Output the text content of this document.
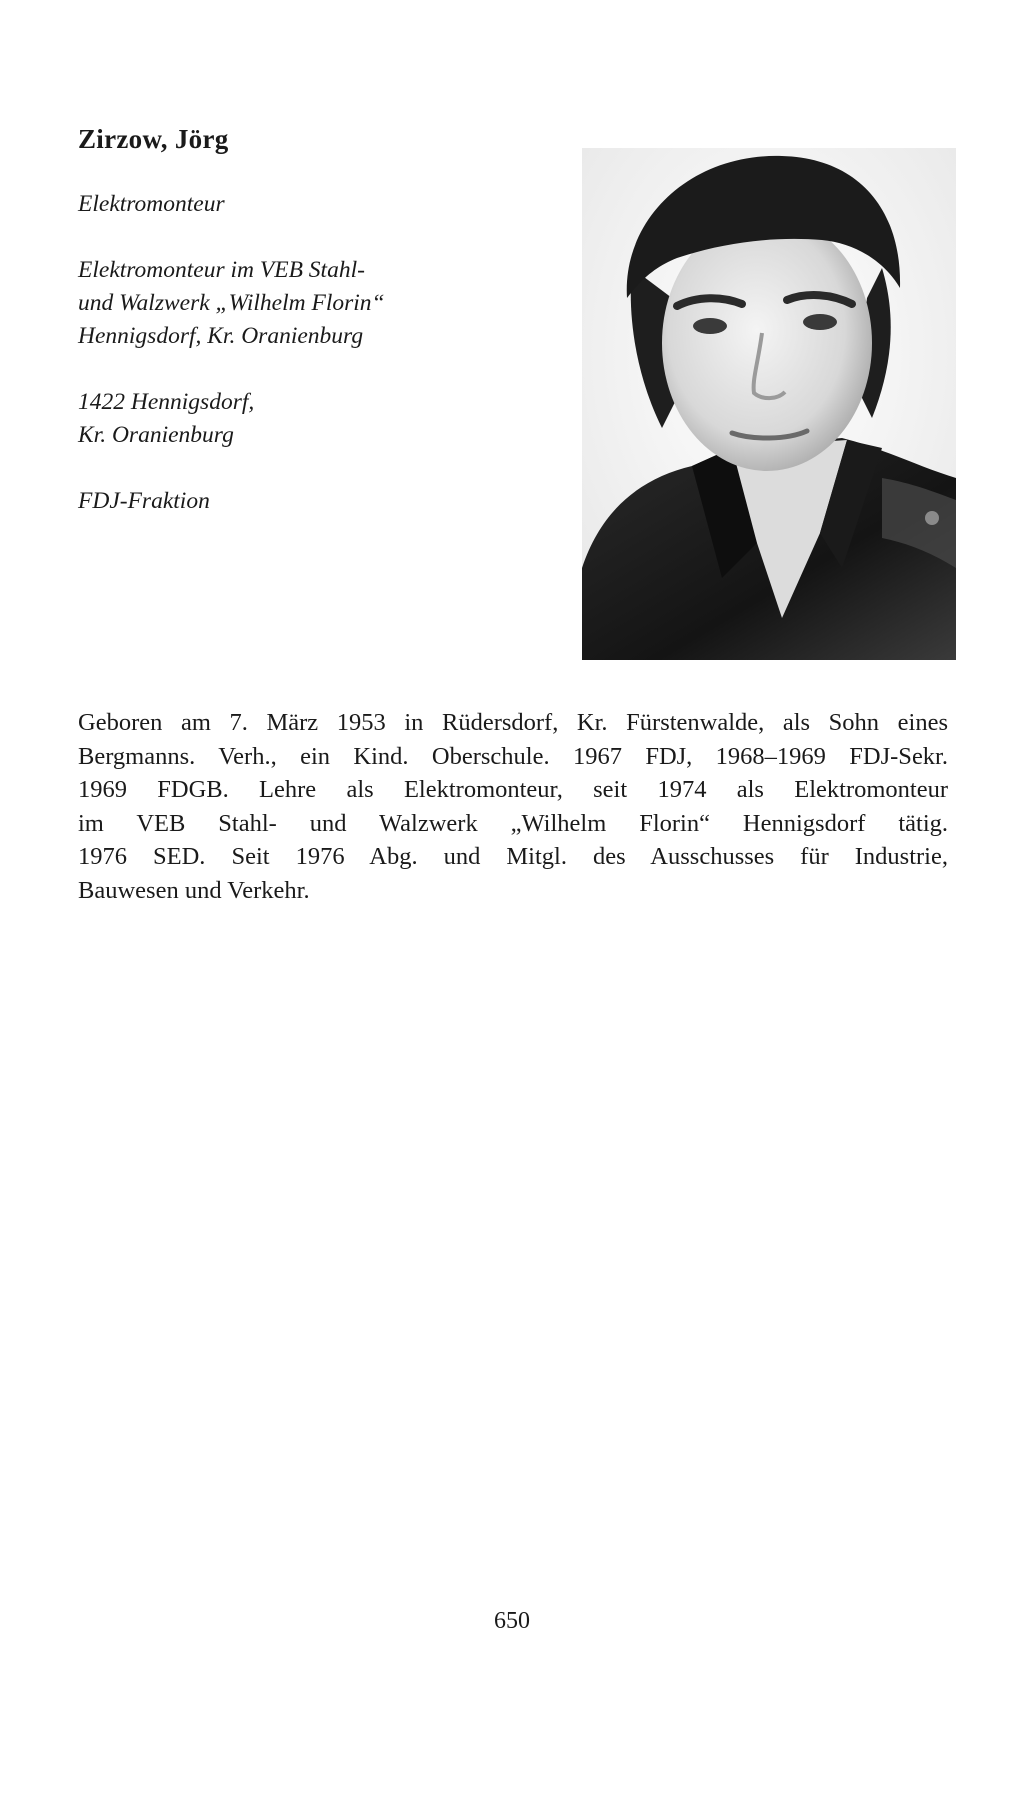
Zirzow, Jörg

Elektromonteur

Elektromonteur im VEB Stahl-
und Walzwerk „Wilhelm Florin“
Hennigsdorf, Kr. Oranienburg

1422 Hennigsdorf,
Kr. Oranienburg

FDJ-Fraktion

Geboren am 7. März 1953 in Rüdersdorf, Kr. Fürstenwalde, als Sohn eines
Bergmanns. Verh., ein Kind. Oberschule. 1967 FDJ, 1968–1969 FDJ-Sekr.
1969 FDGB. Lehre als Elektromonteur, seit 1974 als Elektromonteur
im VEB Stahl- und Walzwerk „Wilhelm Florin“ Hennigsdorf tätig.
1976 SED. Seit 1976 Abg. und Mitgl. des Ausschusses für Industrie,
Bauwesen und Verkehr.

650
